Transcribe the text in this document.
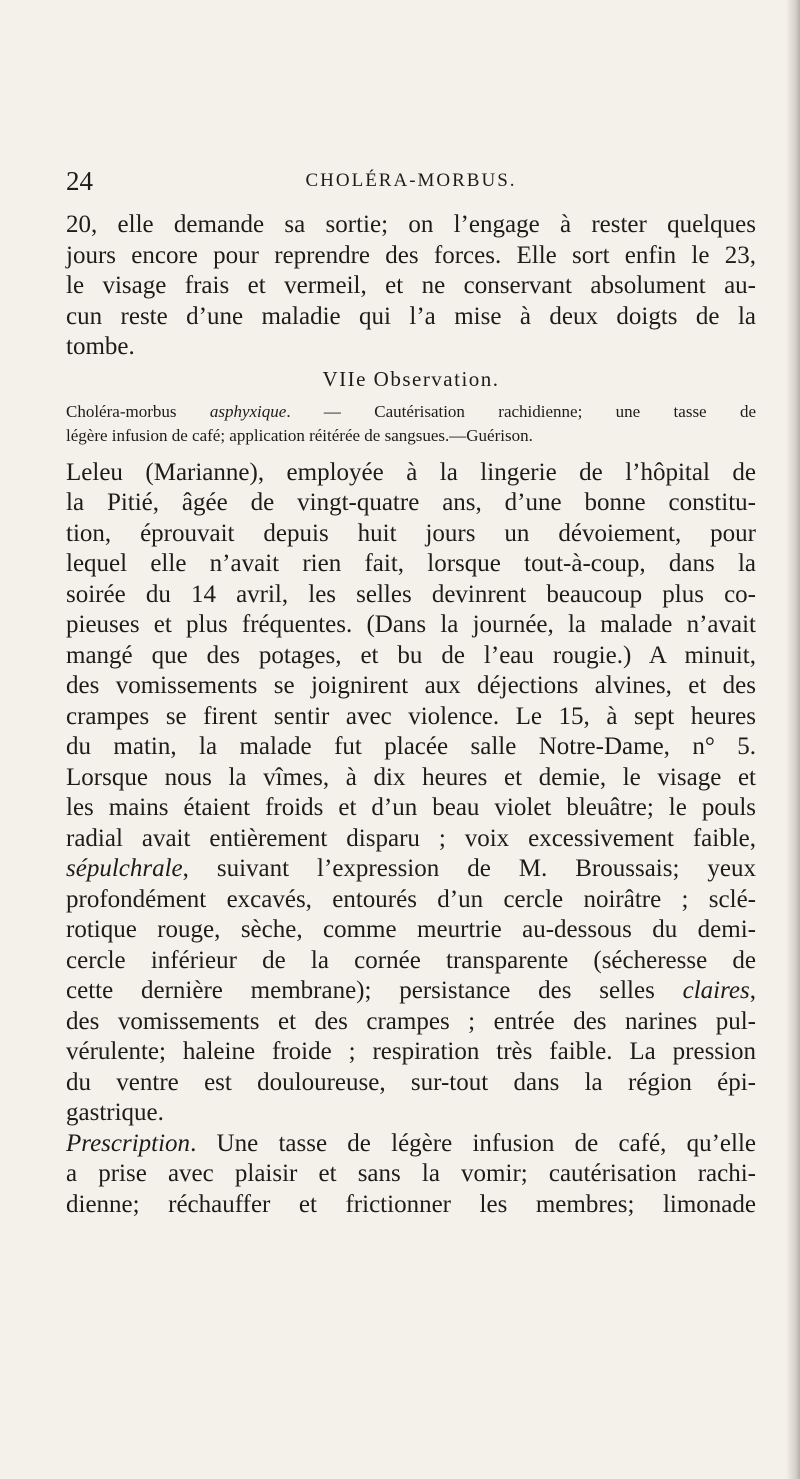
24	CHOLÉRA-MORBUS.

20, elle demande sa sortie; on l’engage à rester quelques
jours encore pour reprendre des forces. Elle sort enfin le 23,
le visage frais et vermeil, et ne conservant absolument au-
cun reste d’une maladie qui l’a mise à deux doigts de la
tombe.

VIIe Observation.

Choléra-morbus asphyxique. — Cautérisation rachidienne; une tasse de
légère infusion de café; application réitérée de sangsues.—Guérison.

Leleu (Marianne), employée à la lingerie de l’hôpital de
la Pitié, âgée de vingt-quatre ans, d’une bonne constitu-
tion, éprouvait depuis huit jours un dévoiement, pour
lequel elle n’avait rien fait, lorsque tout-à-coup, dans la
soirée du 14 avril, les selles devinrent beaucoup plus co-
pieuses et plus fréquentes. (Dans la journée, la malade n’avait
mangé que des potages, et bu de l’eau rougie.) A minuit,
des vomissements se joignirent aux déjections alvines, et des
crampes se firent sentir avec violence. Le 15, à sept heures
du matin, la malade fut placée salle Notre-Dame, n° 5.
Lorsque nous la vîmes, à dix heures et demie, le visage et
les mains étaient froids et d’un beau violet bleuâtre; le pouls
radial avait entièrement disparu ; voix excessivement faible,
sépulchrale, suivant l’expression de M. Broussais; yeux
profondément excavés, entourés d’un cercle noirâtre ; sclé-
rotique rouge, sèche, comme meurtrie au-dessous du demi-
cercle inférieur de la cornée transparente (sécheresse de
cette dernière membrane); persistance des selles claires,
des vomissements et des crampes ; entrée des narines pul-
vérulente; haleine froide ; respiration très faible. La pression
du ventre est douloureuse, sur-tout dans la région épi-
gastrique.
Prescription. Une tasse de légère infusion de café, qu’elle
a prise avec plaisir et sans la vomir; cautérisation rachi-
dienne; réchauffer et frictionner les membres; limonade
